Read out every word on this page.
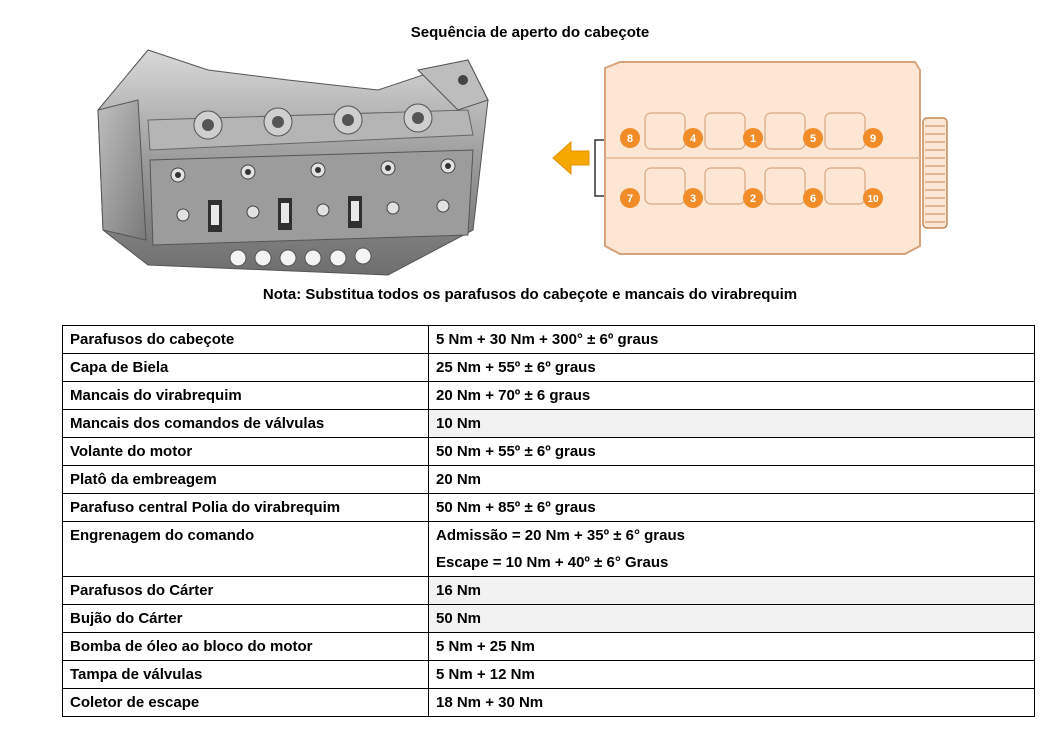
Sequência de aperto do cabeçote
8	4	1	5	9
7	3	2	6	10
Nota: Substitua todos os parafusos do cabeçote e mancais do virabrequim
Parafusos do cabeçote	5 Nm + 30 Nm + 300° ± 6º graus

Capa de Biela	25 Nm + 55º ± 6º graus

Mancais do virabrequim	20 Nm + 70º ± 6 graus

Mancais dos comandos de válvulas	10 Nm

Volante do motor	50 Nm + 55º ± 6º graus

Platô da embreagem	20 Nm

Parafuso central Polia do virabrequim	50 Nm + 85º ± 6º graus

Engrenagem do comando	Admissão = 20 Nm + 35º ± 6° graus
Escape = 10 Nm + 40º ± 6° Graus

Parafusos do Cárter	16 Nm

Bujão do Cárter	50 Nm

Bomba de óleo ao bloco do motor	5 Nm + 25 Nm

Tampa de válvulas	5 Nm + 12 Nm

Coletor de escape	18 Nm + 30 Nm
